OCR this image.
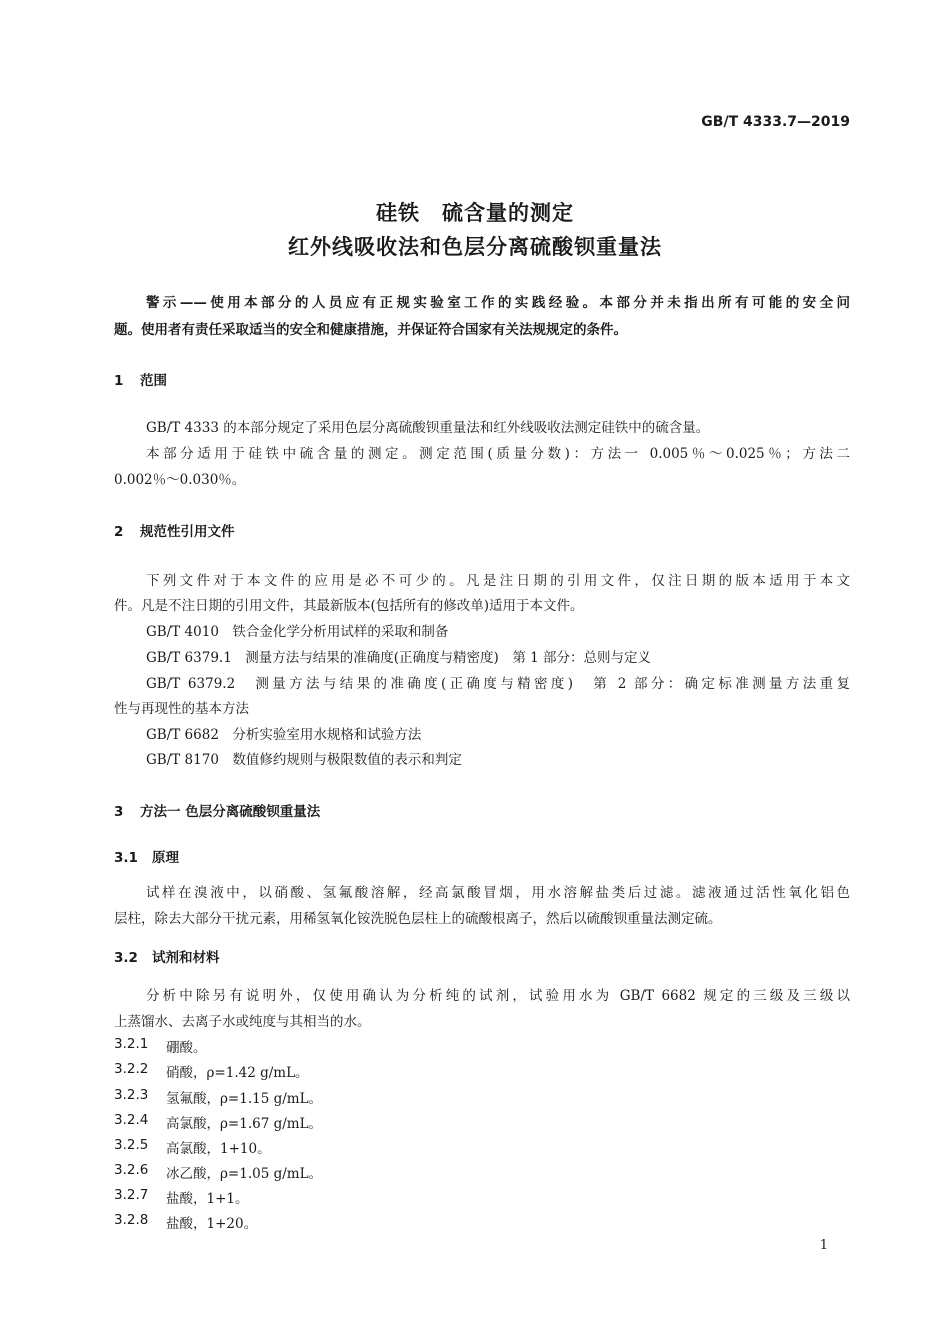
GB/T 4333.7—2019
硅铁　硫含量的测定
红外线吸收法和色层分离硫酸钡重量法
警示——使用本部分的人员应有正规实验室工作的实践经验。本部分并未指出所有可能的安全问
题。使用者有责任采取适当的安全和健康措施，并保证符合国家有关法规规定的条件。
1 范围
GB/T 4333 的本部分规定了采用色层分离硫酸钡重量法和红外线吸收法测定硅铁中的硫含量。
本部分适用于硅铁中硫含量的测定。测定范围(质量分数)：方法一 0.005％～0.025％；方法二
0.002％～0.030％。
2 规范性引用文件
下列文件对于本文件的应用是必不可少的。凡是注日期的引用文件，仅注日期的版本适用于本文
件。凡是不注日期的引用文件，其最新版本(包括所有的修改单)适用于本文件。
GB/T 4010　铁合金化学分析用试样的采取和制备
GB/T 6379.1　测量方法与结果的准确度(正确度与精密度)　第 1 部分：总则与定义
GB/T 6379.2　测量方法与结果的准确度(正确度与精密度)　第 2 部分：确定标准测量方法重复
性与再现性的基本方法
GB/T 6682　分析实验室用水规格和试验方法
GB/T 8170　数值修约规则与极限数值的表示和判定
3 方法一 色层分离硫酸钡重量法
3.1 原理
试样在溴液中，以硝酸、氢氟酸溶解，经高氯酸冒烟，用水溶解盐类后过滤。滤液通过活性氧化铝色
层柱，除去大部分干扰元素，用稀氢氧化铵洗脱色层柱上的硫酸根离子，然后以硫酸钡重量法测定硫。
3.2 试剂和材料
分析中除另有说明外，仅使用确认为分析纯的试剂，试验用水为 GB/T 6682 规定的三级及三级以
上蒸馏水、去离子水或纯度与其相当的水。
3.2.1 硼酸。
3.2.2 硝酸，ρ=1.42 g/mL。
3.2.3 氢氟酸，ρ=1.15 g/mL。
3.2.4 高氯酸，ρ=1.67 g/mL。
3.2.5 高氯酸，1+10。
3.2.6 冰乙酸，ρ=1.05 g/mL。
3.2.7 盐酸，1+1。
3.2.8 盐酸，1+20。
1
